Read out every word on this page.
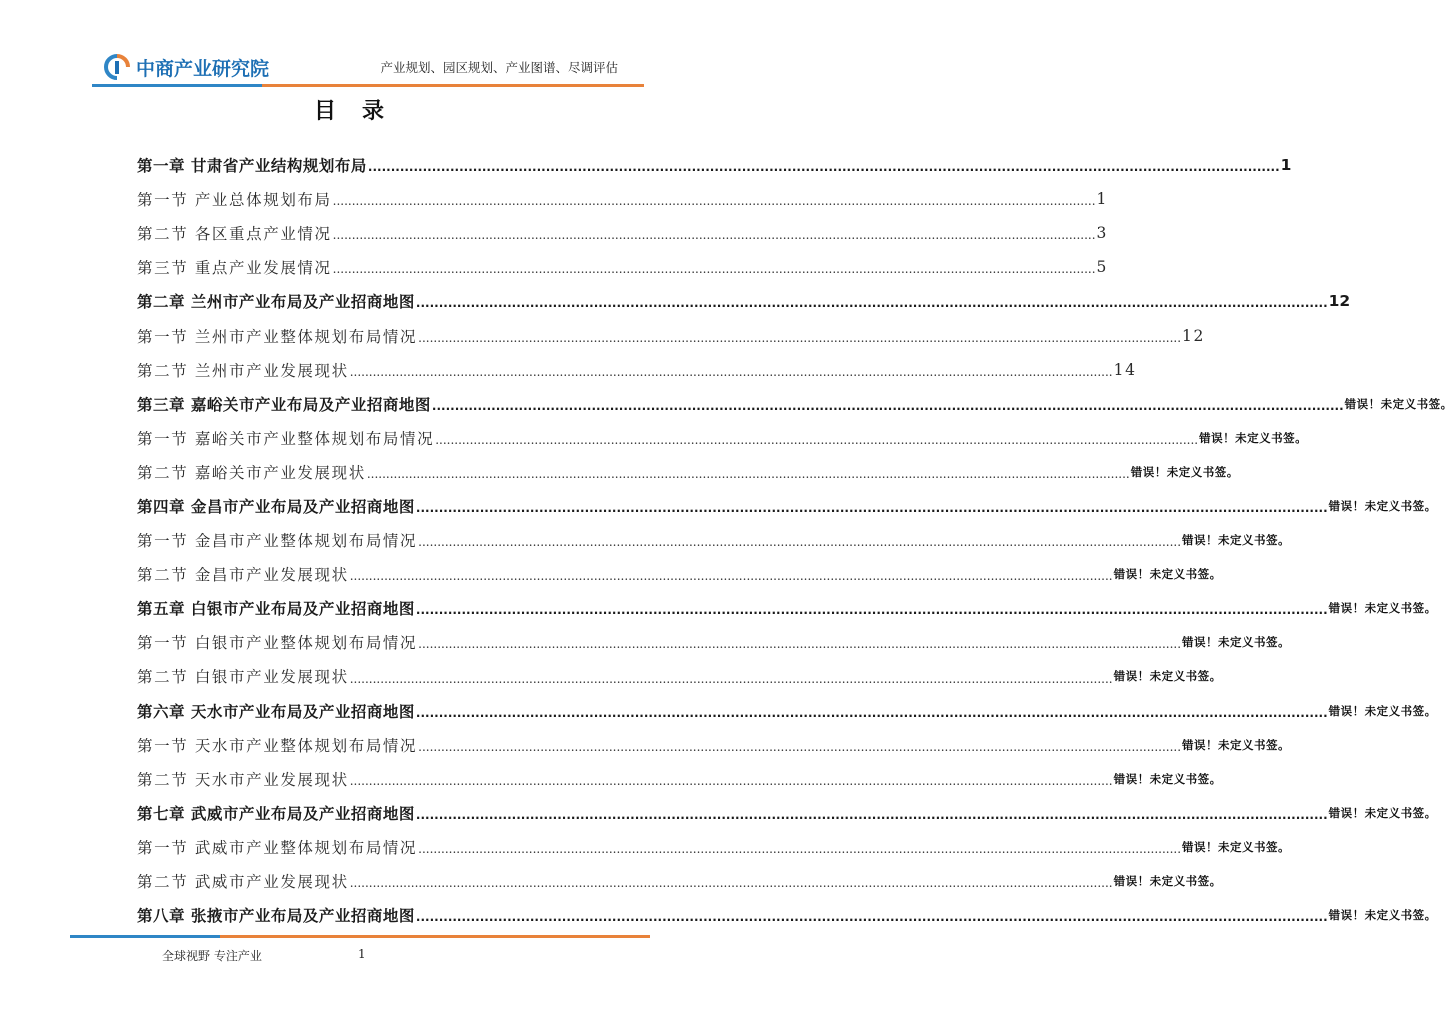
中商产业研究院	产业规划、园区规划、产业图谱、尽调评估
目录
第一章 甘肃省产业结构规划布局 ........................................................................................................................................................................................................ 1
第一节 产业总体规划布局 ........................................................................................................................................................................................................ 1
第二节 各区重点产业情况 ........................................................................................................................................................................................................ 3
第三节 重点产业发展情况 ........................................................................................................................................................................................................ 5
第二章 兰州市产业布局及产业招商地图 ........................................................................................................................................................................................................ 12
第一节 兰州市产业整体规划布局情况 ........................................................................................................................................................................................................ 12
第二节 兰州市产业发展现状 ........................................................................................................................................................................................................ 14
第三章 嘉峪关市产业布局及产业招商地图 ........................................................................................................................................................................................................ 错误！未定义书签。
第一节 嘉峪关市产业整体规划布局情况 ........................................................................................................................................................................................................ 错误！未定义书签。
第二节 嘉峪关市产业发展现状 ........................................................................................................................................................................................................ 错误！未定义书签。
第四章 金昌市产业布局及产业招商地图 ........................................................................................................................................................................................................ 错误！未定义书签。
第一节 金昌市产业整体规划布局情况 ........................................................................................................................................................................................................ 错误！未定义书签。
第二节 金昌市产业发展现状 ........................................................................................................................................................................................................ 错误！未定义书签。
第五章 白银市产业布局及产业招商地图 ........................................................................................................................................................................................................ 错误！未定义书签。
第一节 白银市产业整体规划布局情况 ........................................................................................................................................................................................................ 错误！未定义书签。
第二节 白银市产业发展现状 ........................................................................................................................................................................................................ 错误！未定义书签。
第六章 天水市产业布局及产业招商地图 ........................................................................................................................................................................................................ 错误！未定义书签。
第一节 天水市产业整体规划布局情况 ........................................................................................................................................................................................................ 错误！未定义书签。
第二节 天水市产业发展现状 ........................................................................................................................................................................................................ 错误！未定义书签。
第七章 武威市产业布局及产业招商地图 ........................................................................................................................................................................................................ 错误！未定义书签。
第一节 武威市产业整体规划布局情况 ........................................................................................................................................................................................................ 错误！未定义书签。
第二节 武威市产业发展现状 ........................................................................................................................................................................................................ 错误！未定义书签。
第八章 张掖市产业布局及产业招商地图 ........................................................................................................................................................................................................ 错误！未定义书签。
全球视野 专注产业	1
